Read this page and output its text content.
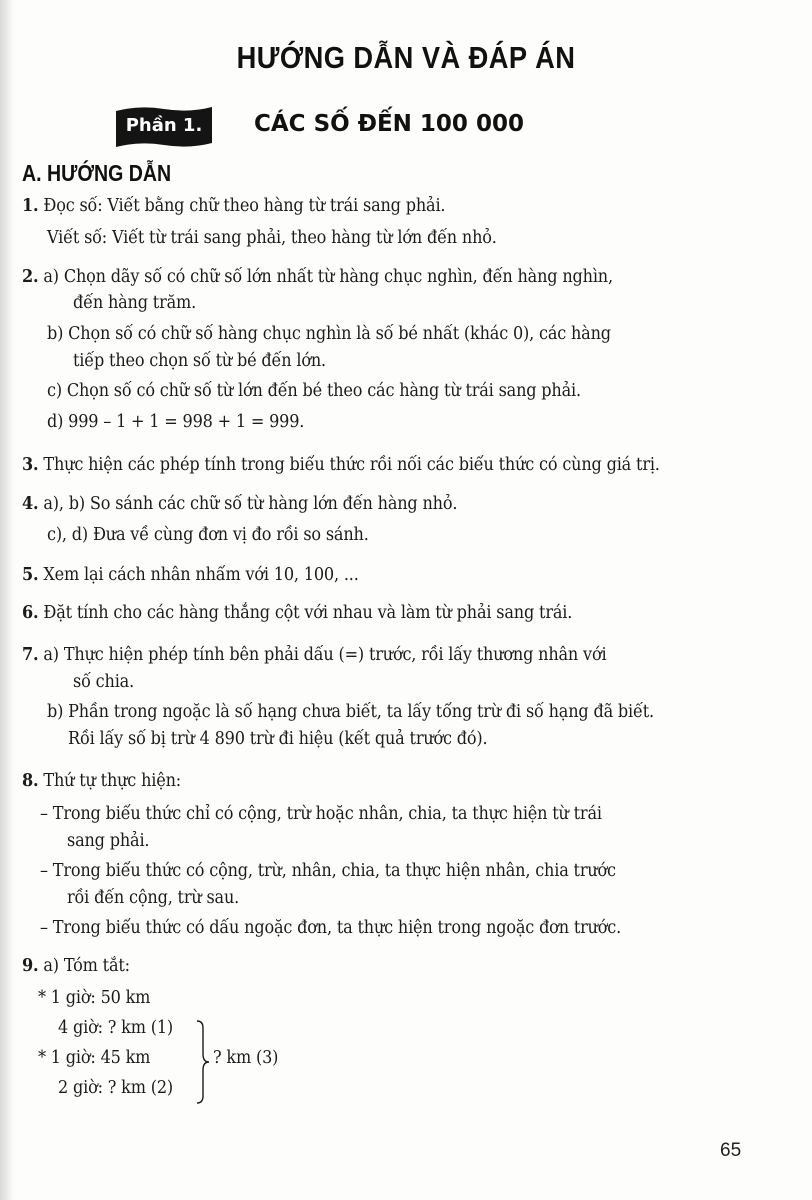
HƯỚNG DẪN VÀ ĐÁP ÁN
Phần 1.	CÁC SỐ ĐẾN 100 000
A. HƯỚNG DẪN
1. Đọc số: Viết bằng chữ theo hàng từ trái sang phải.
Viết số: Viết từ trái sang phải, theo hàng từ lớn đến nhỏ.
2. a) Chọn dãy số có chữ số lớn nhất từ hàng chục nghìn, đến hàng nghìn,
đến hàng trăm.
b) Chọn số có chữ số hàng chục nghìn là số bé nhất (khác 0), các hàng
tiếp theo chọn số từ bé đến lớn.
c) Chọn số có chữ số từ lớn đến bé theo các hàng từ trái sang phải.
d) 999 – 1 + 1 = 998 + 1 = 999.
3. Thực hiện các phép tính trong biểu thức rồi nối các biểu thức có cùng giá trị.
4. a), b) So sánh các chữ số từ hàng lớn đến hàng nhỏ.
c), d) Đưa về cùng đơn vị đo rồi so sánh.
5. Xem lại cách nhân nhẩm với 10, 100, ...
6. Đặt tính cho các hàng thẳng cột với nhau và làm từ phải sang trái.
7. a) Thực hiện phép tính bên phải dấu (=) trước, rồi lấy thương nhân với
số chia.
b) Phần trong ngoặc là số hạng chưa biết, ta lấy tổng trừ đi số hạng đã biết.
Rồi lấy số bị trừ 4 890 trừ đi hiệu (kết quả trước đó).
8. Thứ tự thực hiện:
– Trong biểu thức chỉ có cộng, trừ hoặc nhân, chia, ta thực hiện từ trái
sang phải.
– Trong biểu thức có cộng, trừ, nhân, chia, ta thực hiện nhân, chia trước
rồi đến cộng, trừ sau.
– Trong biểu thức có dấu ngoặc đơn, ta thực hiện trong ngoặc đơn trước.
9. a) Tóm tắt:
* 1 giờ: 50 km
4 giờ: ? km (1)
* 1 giờ: 45 km
2 giờ: ? km (2)
? km (3)
65
